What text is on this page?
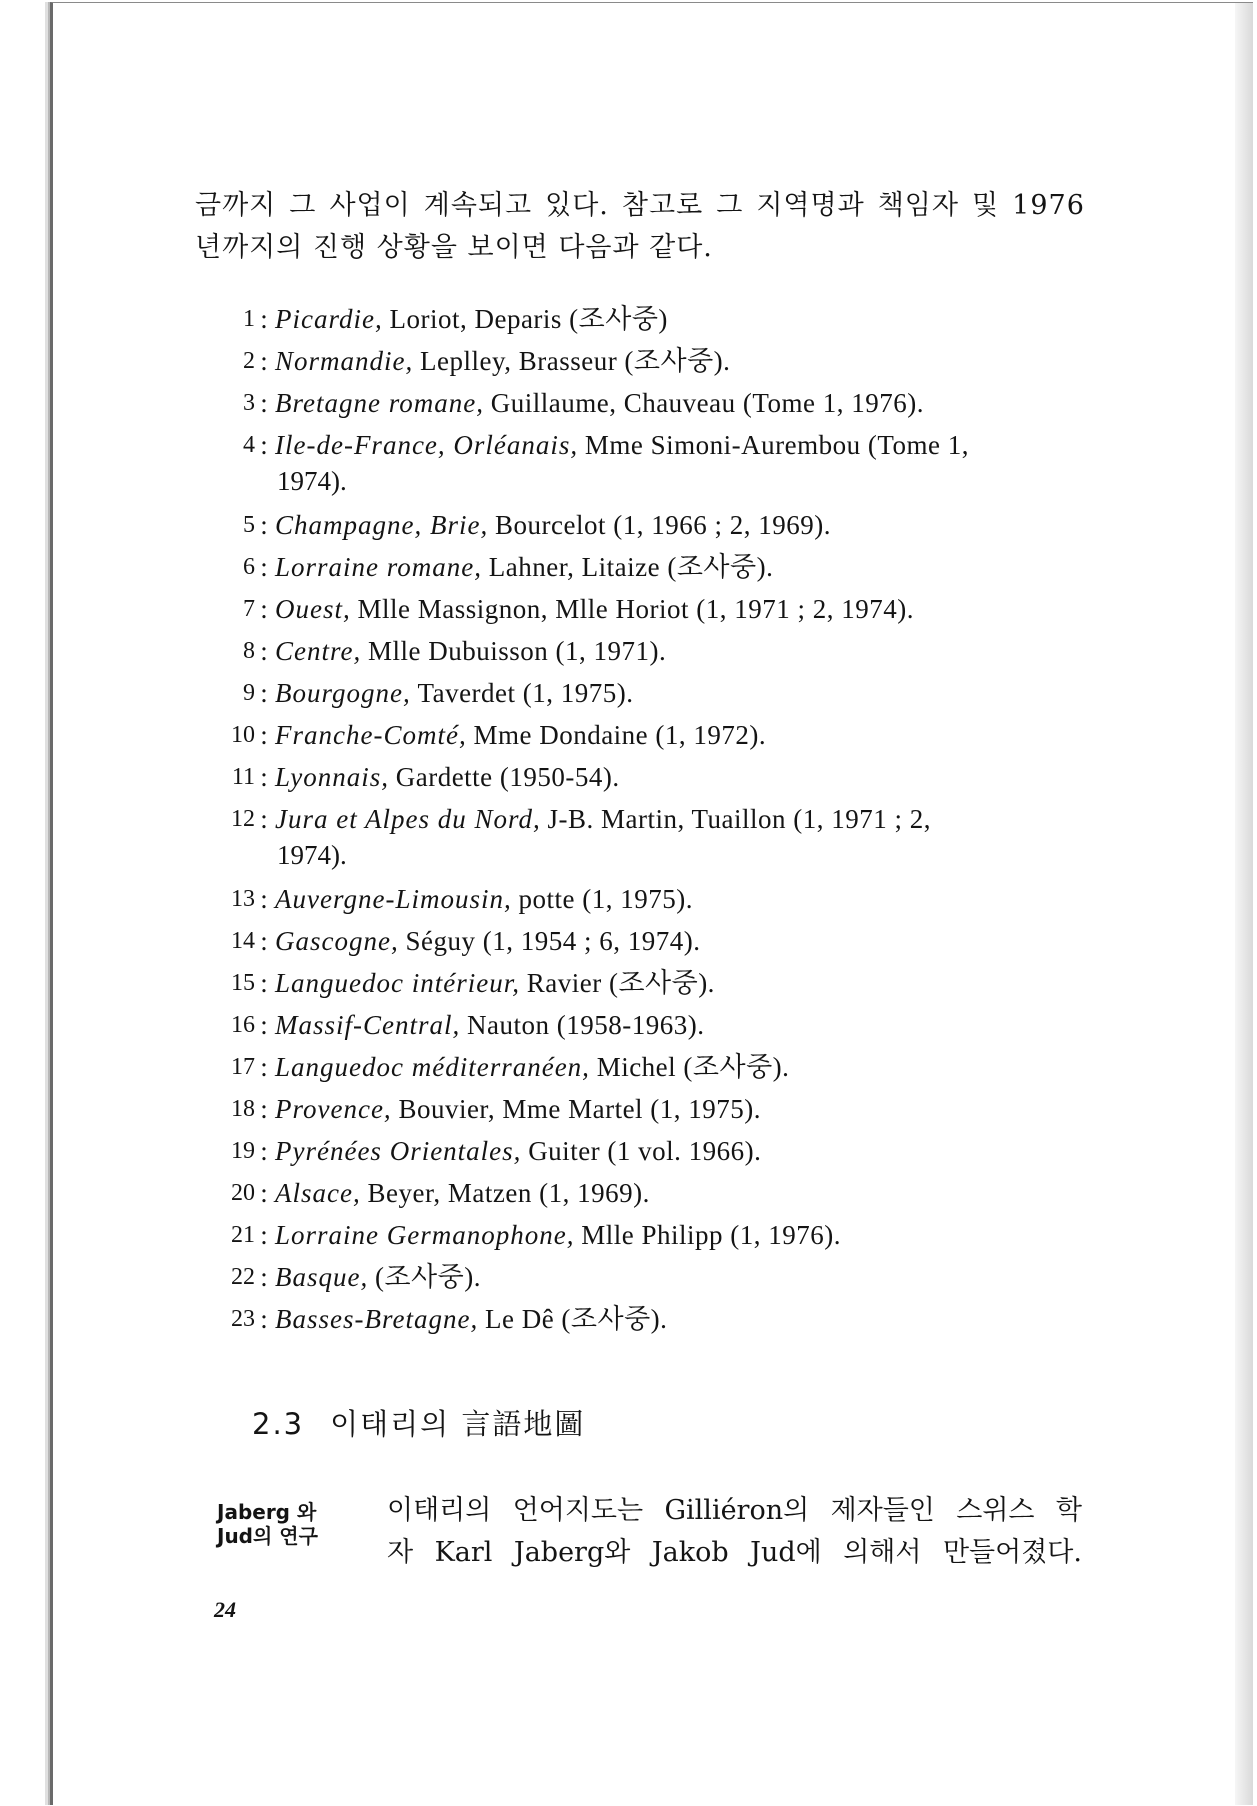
금까지 그 사업이 계속되고 있다. 참고로 그 지역명과 책임자 및 1976
년까지의 진행 상황을 보이면 다음과 같다.
1 : Picardie, Loriot, Deparis (조사중)
2 : Normandie, Leplley, Brasseur (조사중).
3 : Bretagne romane, Guillaume, Chauveau (Tome 1, 1976).
4 : Ile-de-France, Orléanais, Mme Simoni-Aurembou (Tome 1,
1974).
5 : Champagne, Brie, Bourcelot (1, 1966 ; 2, 1969).
6 : Lorraine romane, Lahner, Litaize (조사중).
7 : Ouest, Mlle Massignon, Mlle Horiot (1, 1971 ; 2, 1974).
8 : Centre, Mlle Dubuisson (1, 1971).
9 : Bourgogne, Taverdet (1, 1975).
10 : Franche-Comté, Mme Dondaine (1, 1972).
11 : Lyonnais, Gardette (1950-54).
12 : Jura et Alpes du Nord, J-B. Martin, Tuaillon (1, 1971 ; 2,
1974).
13 : Auvergne-Limousin, potte (1, 1975).
14 : Gascogne, Séguy (1, 1954 ; 6, 1974).
15 : Languedoc intérieur, Ravier (조사중).
16 : Massif-Central, Nauton (1958-1963).
17 : Languedoc méditerranéen, Michel (조사중).
18 : Provence, Bouvier, Mme Martel (1, 1975).
19 : Pyrénées Orientales, Guiter (1 vol. 1966).
20 : Alsace, Beyer, Matzen (1, 1969).
21 : Lorraine Germanophone, Mlle Philipp (1, 1976).
22 : Basque, (조사중).
23 : Basses-Bretagne, Le Dê (조사중).
2.3 이태리의 言語地圖
Jaberg 와
Jud의 연구
이태리의 언어지도는 Gilliéron의 제자들인 스위스 학
자 Karl Jaberg와 Jakob Jud에 의해서 만들어졌다.
24
